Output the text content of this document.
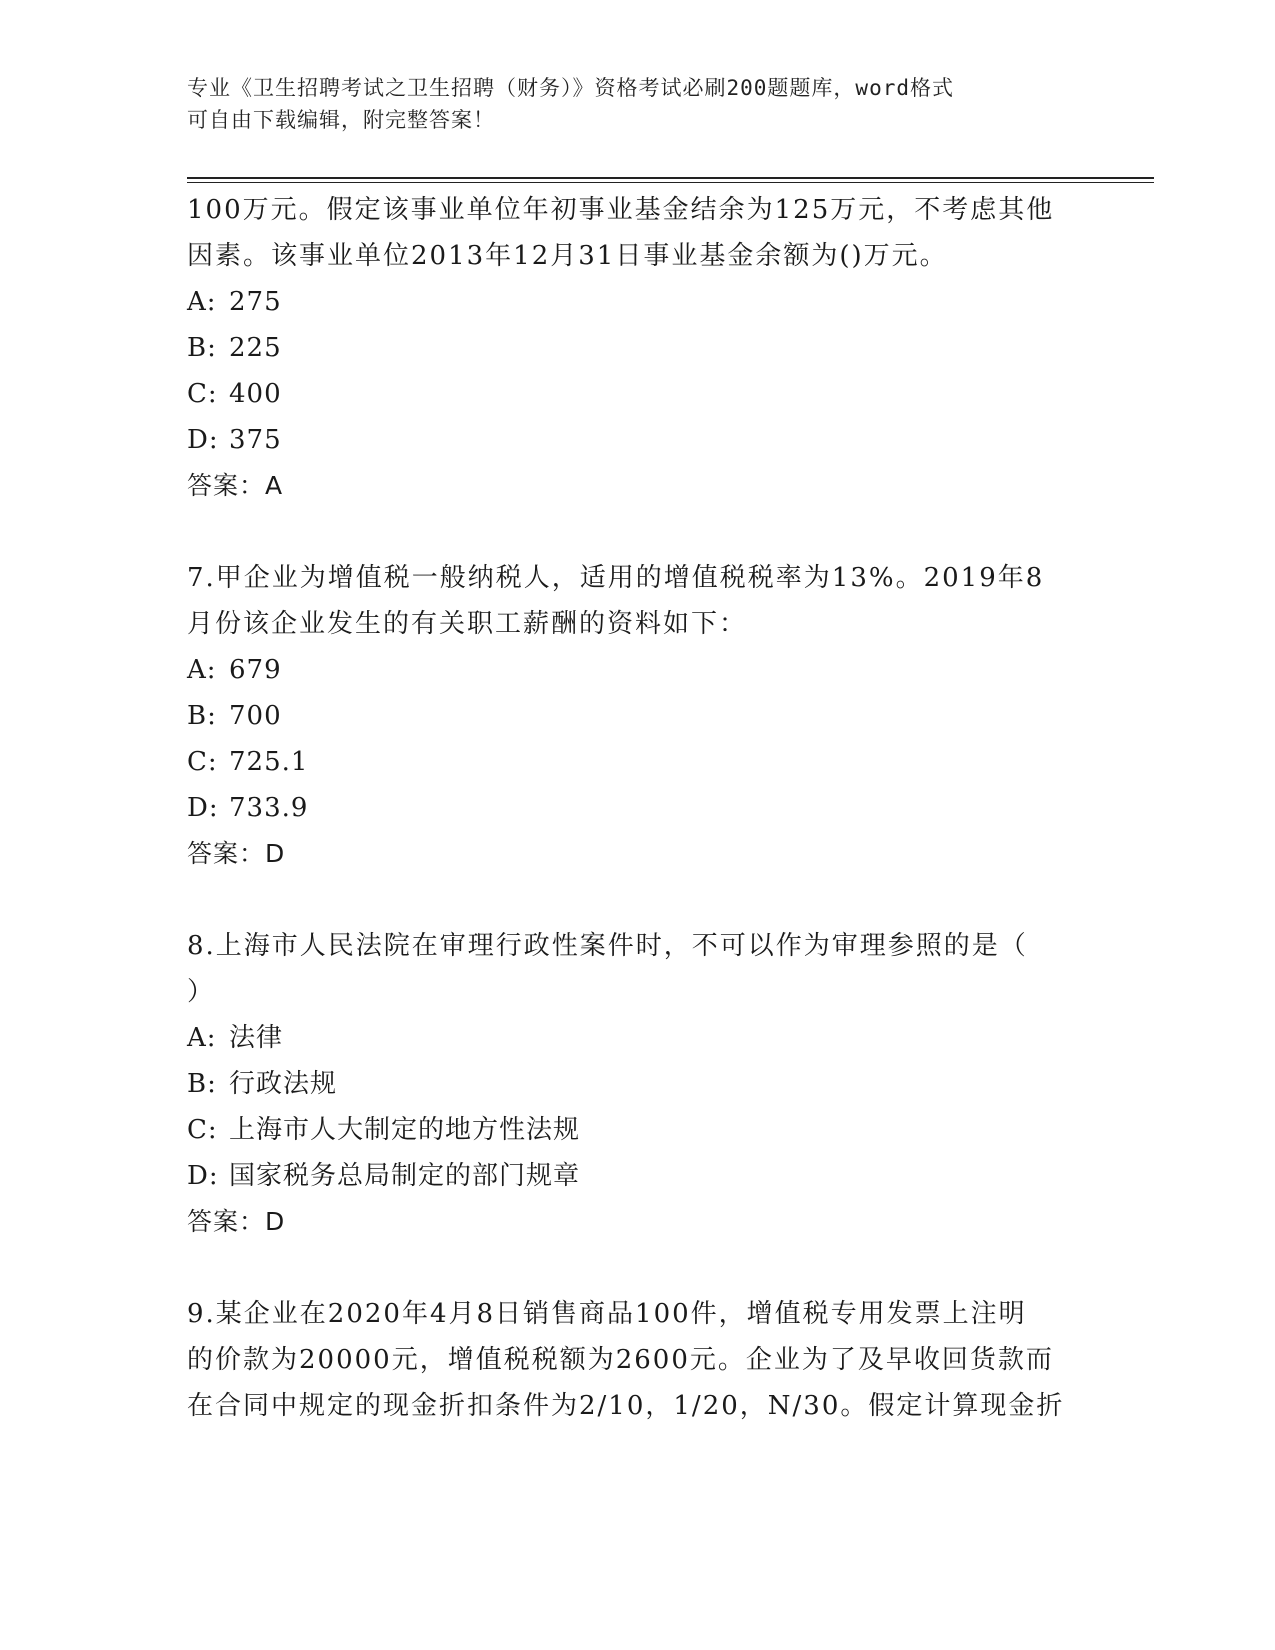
专业《卫生招聘考试之卫生招聘（财务）》资格考试必刷200题题库，word格式
可自由下载编辑，附完整答案！

100万元。假定该事业单位年初事业基金结余为125万元，不考虑其他

因素。该事业单位2013年12月31日事业基金余额为()万元。

A: 275

B: 225

C: 400

D: 375

答案：A

7.甲企业为增值税一般纳税人，适用的增值税税率为13%。2019年8

月份该企业发生的有关职工薪酬的资料如下：

A: 679

B: 700

C: 725.1

D: 733.9

答案：D

8.上海市人民法院在审理行政性案件时，不可以作为审理参照的是（

）

A: 法律

B: 行政法规

C: 上海市人大制定的地方性法规

D: 国家税务总局制定的部门规章

答案：D

9.某企业在2020年4月8日销售商品100件，增值税专用发票上注明

的价款为20000元，增值税税额为2600元。企业为了及早收回货款而

在合同中规定的现金折扣条件为2/10，1/20，N/30。假定计算现金折
